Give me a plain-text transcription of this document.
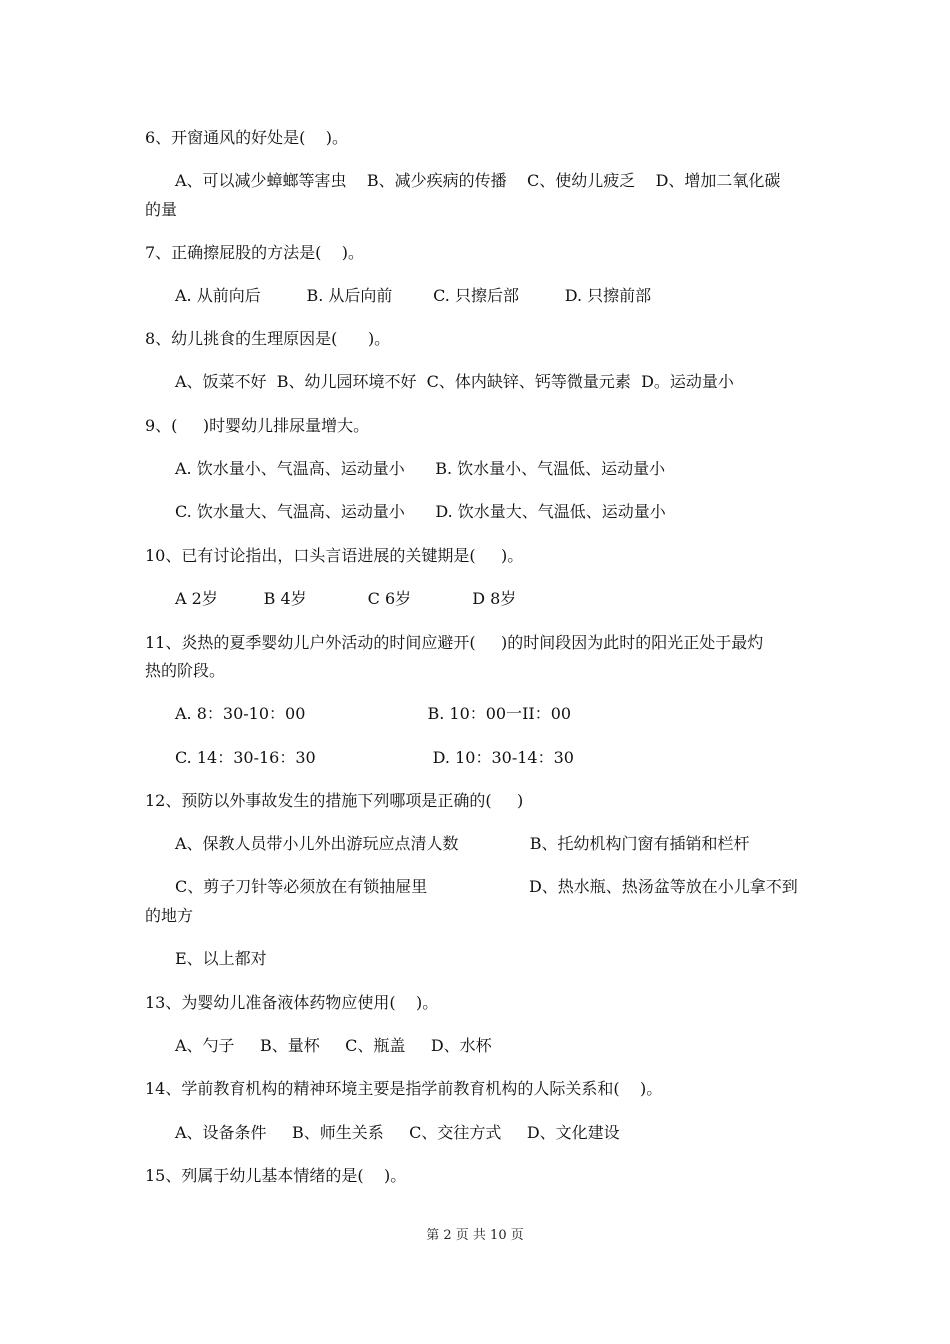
6、开窗通风的好处是(    )。
A、可以减少蟑螂等害虫    B、减少疾病的传播    C、使幼儿疲乏    D、增加二氧化碳
的量
7、正确擦屁股的方法是(    )。
A. 从前向后         B. 从后向前        C. 只擦后部         D. 只擦前部
8、幼儿挑食的生理原因是(      )。
A、饭菜不好  B、幼儿园环境不好  C、体内缺锌、钙等微量元素  D。运动量小
9、(     )时婴幼儿排尿量增大。
A. 饮水量小、气温高、运动量小      B. 饮水量小、气温低、运动量小
C. 饮水量大、气温高、运动量小      D. 饮水量大、气温低、运动量小
10、已有讨论指出，口头言语进展的关键期是(     )。
A 2岁         B 4岁            C 6岁            D 8岁
11、炎热的夏季婴幼儿户外活动的时间应避开(     )的时间段因为此时的阳光正处于最灼
热的阶段。
A. 8：30-10：00                        B. 10：00一II：00
C. 14：30-16：30                       D. 10：30-14：30
12、预防以外事故发生的措施下列哪项是正确的(     )
A、保教人员带小儿外出游玩应点清人数              B、托幼机构门窗有插销和栏杆
C、剪子刀针等必须放在有锁抽屉里                    D、热水瓶、热汤盆等放在小儿拿不到
的地方
E、以上都对
13、为婴幼儿准备液体药物应使用(    )。
A、勺子     B、量杯     C、瓶盖     D、水杯
14、学前教育机构的精神环境主要是指学前教育机构的人际关系和(    )。
A、设备条件     B、师生关系     C、交往方式     D、文化建设
15、列属于幼儿基本情绪的是(    )。
第 2 页 共 10 页
